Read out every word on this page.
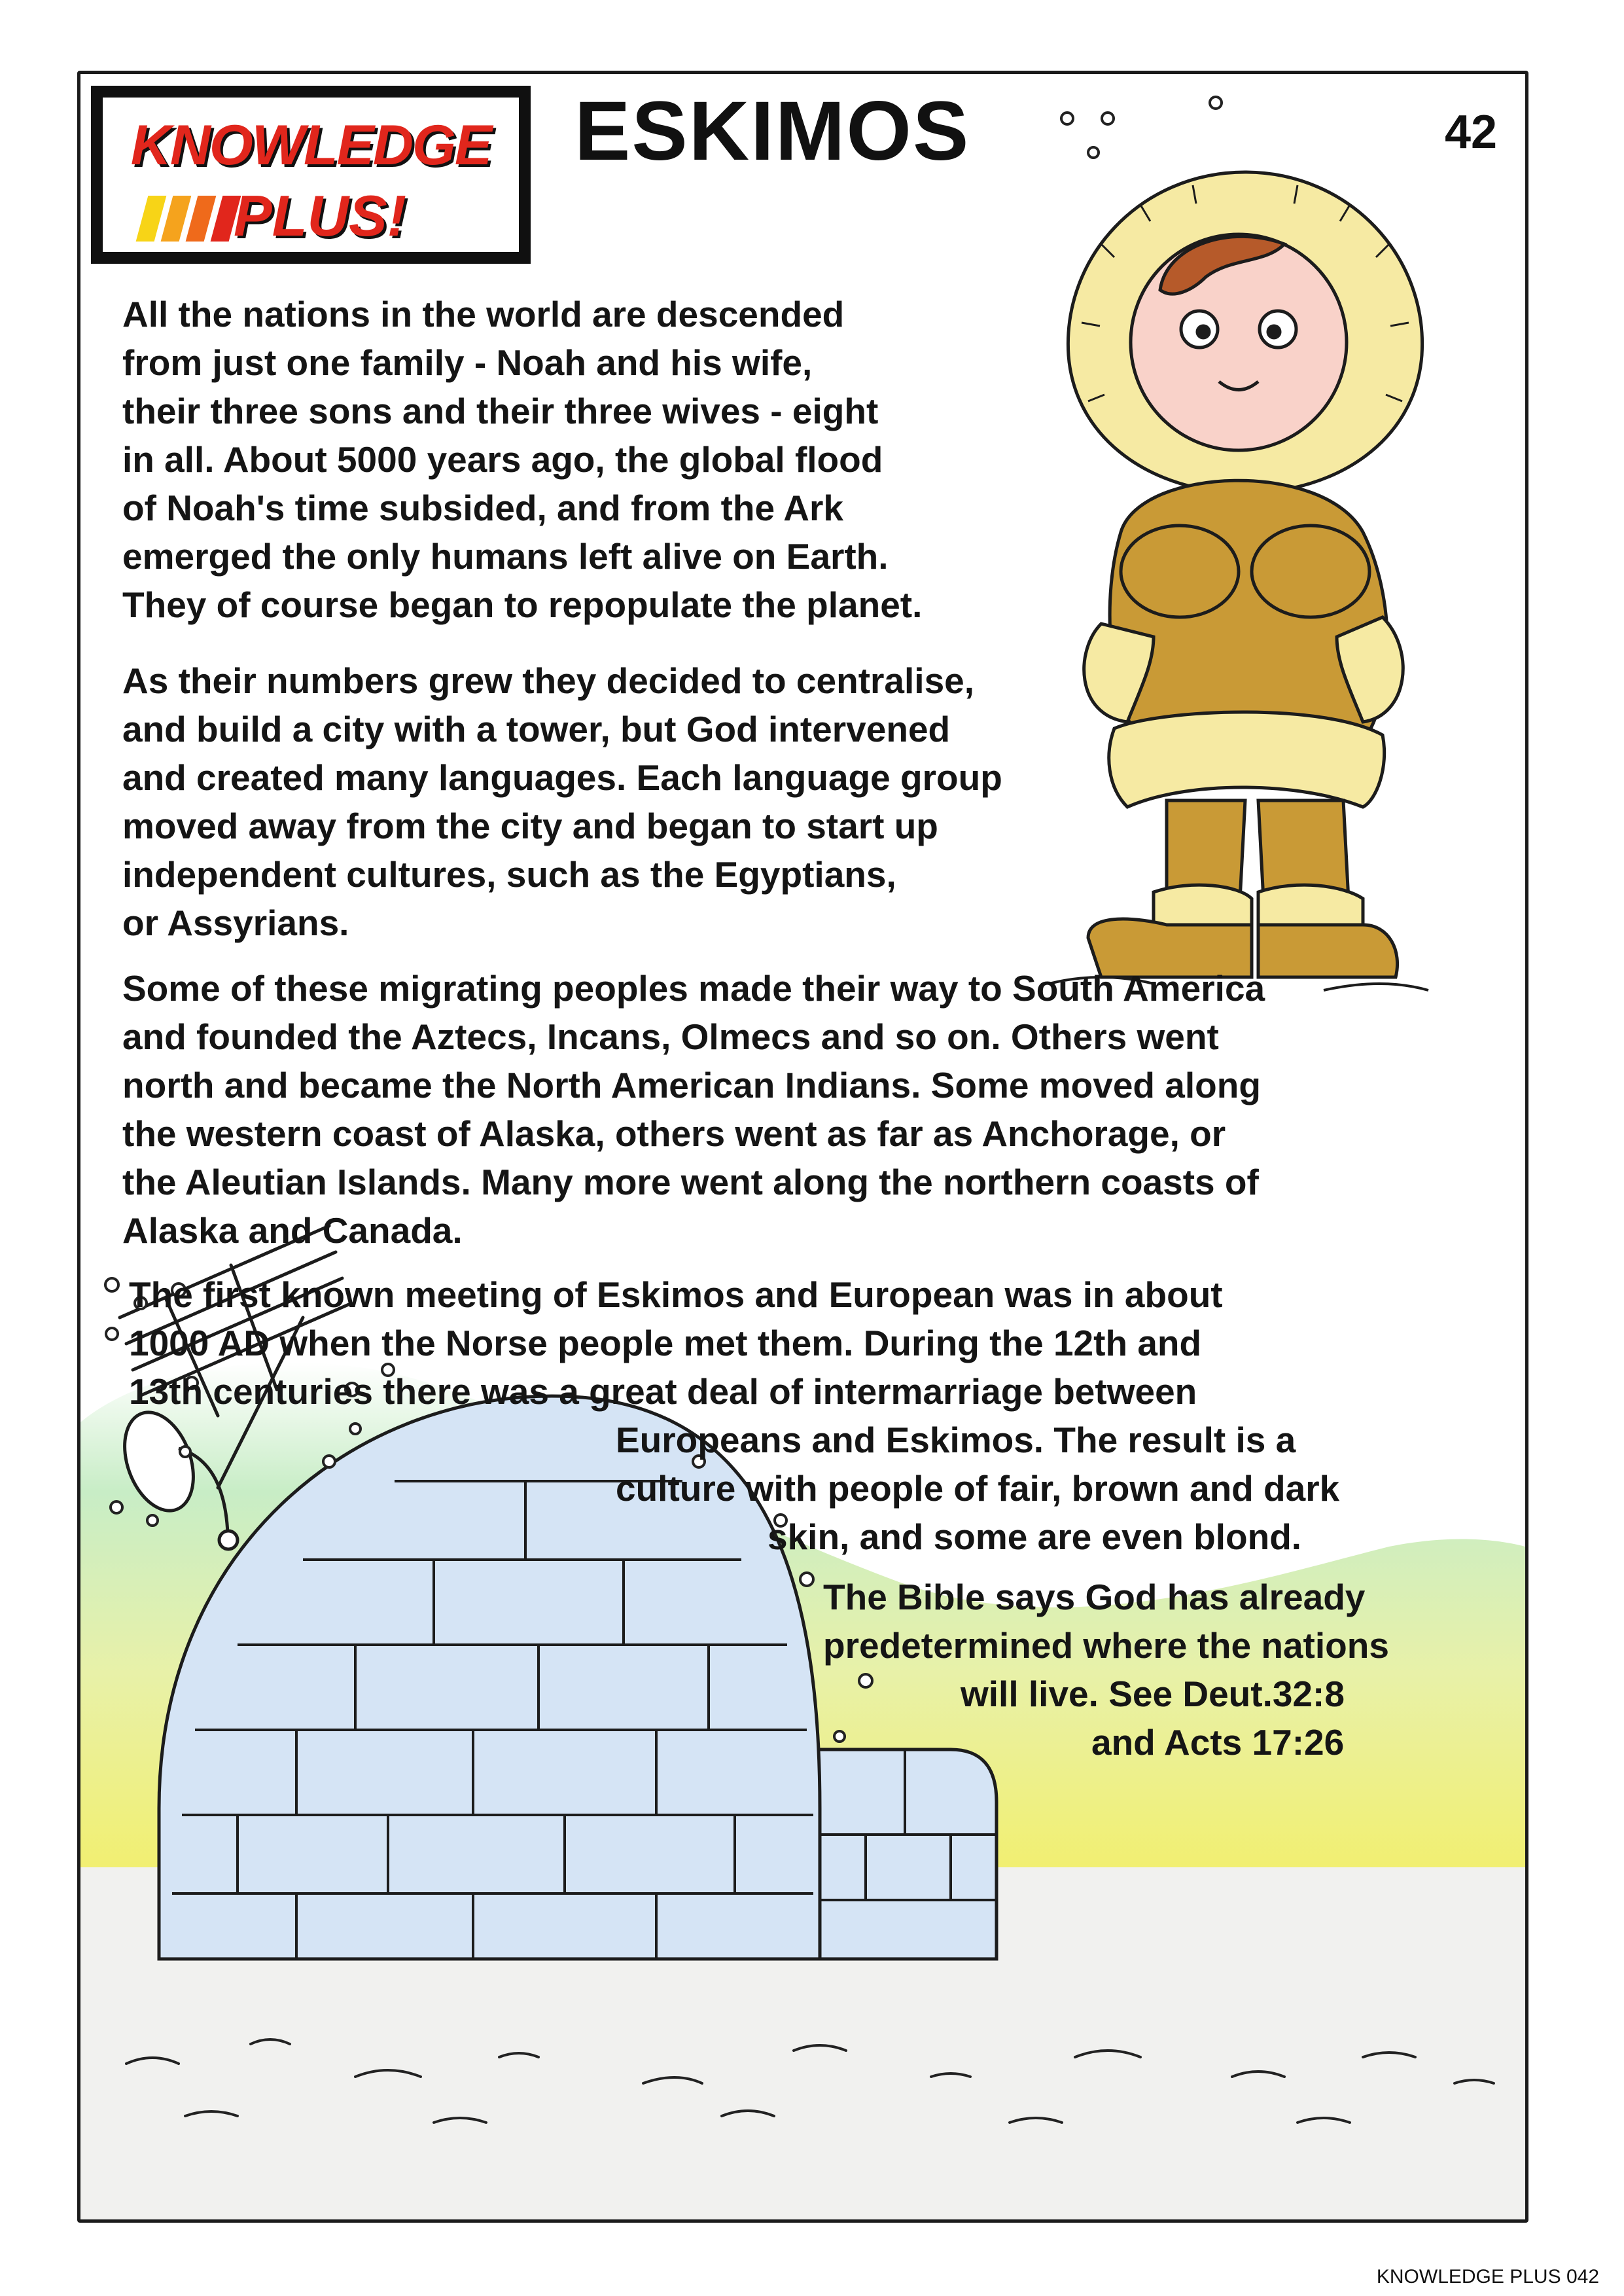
KNOWLEDGE
PLUS!
ESKIMOS	42

All the nations in the world are descended
from just one family - Noah and his wife,
their three sons and their three wives - eight
in all. About 5000 years ago, the global flood
of Noah's time subsided, and from the Ark
emerged the only humans left alive on Earth.
They of course began to repopulate the planet.

As their numbers grew they decided to centralise,
and build a city with a tower, but God intervened
and created many languages. Each language group
moved away from the city and began to start up
independent cultures, such as the Egyptians,
or Assyrians.

Some of these migrating peoples made their way to South America
and founded the Aztecs, Incans, Olmecs and so on. Others went
north and became the North American Indians. Some moved along
the western coast of Alaska, others went as far as Anchorage, or
the Aleutian Islands. Many more went along the northern coasts of
Alaska and Canada.

The first known meeting of Eskimos and European was in about
1000 AD when the Norse people met them. During the 12th and
13th centuries there was a great deal of intermarriage between

Europeans and Eskimos. The result is a
culture with people of fair, brown and dark

skin, and some are even blond.

The Bible says God has already
predetermined where the nations

will live. See Deut.32:8

and Acts 17:26

KNOWLEDGE PLUS 042
